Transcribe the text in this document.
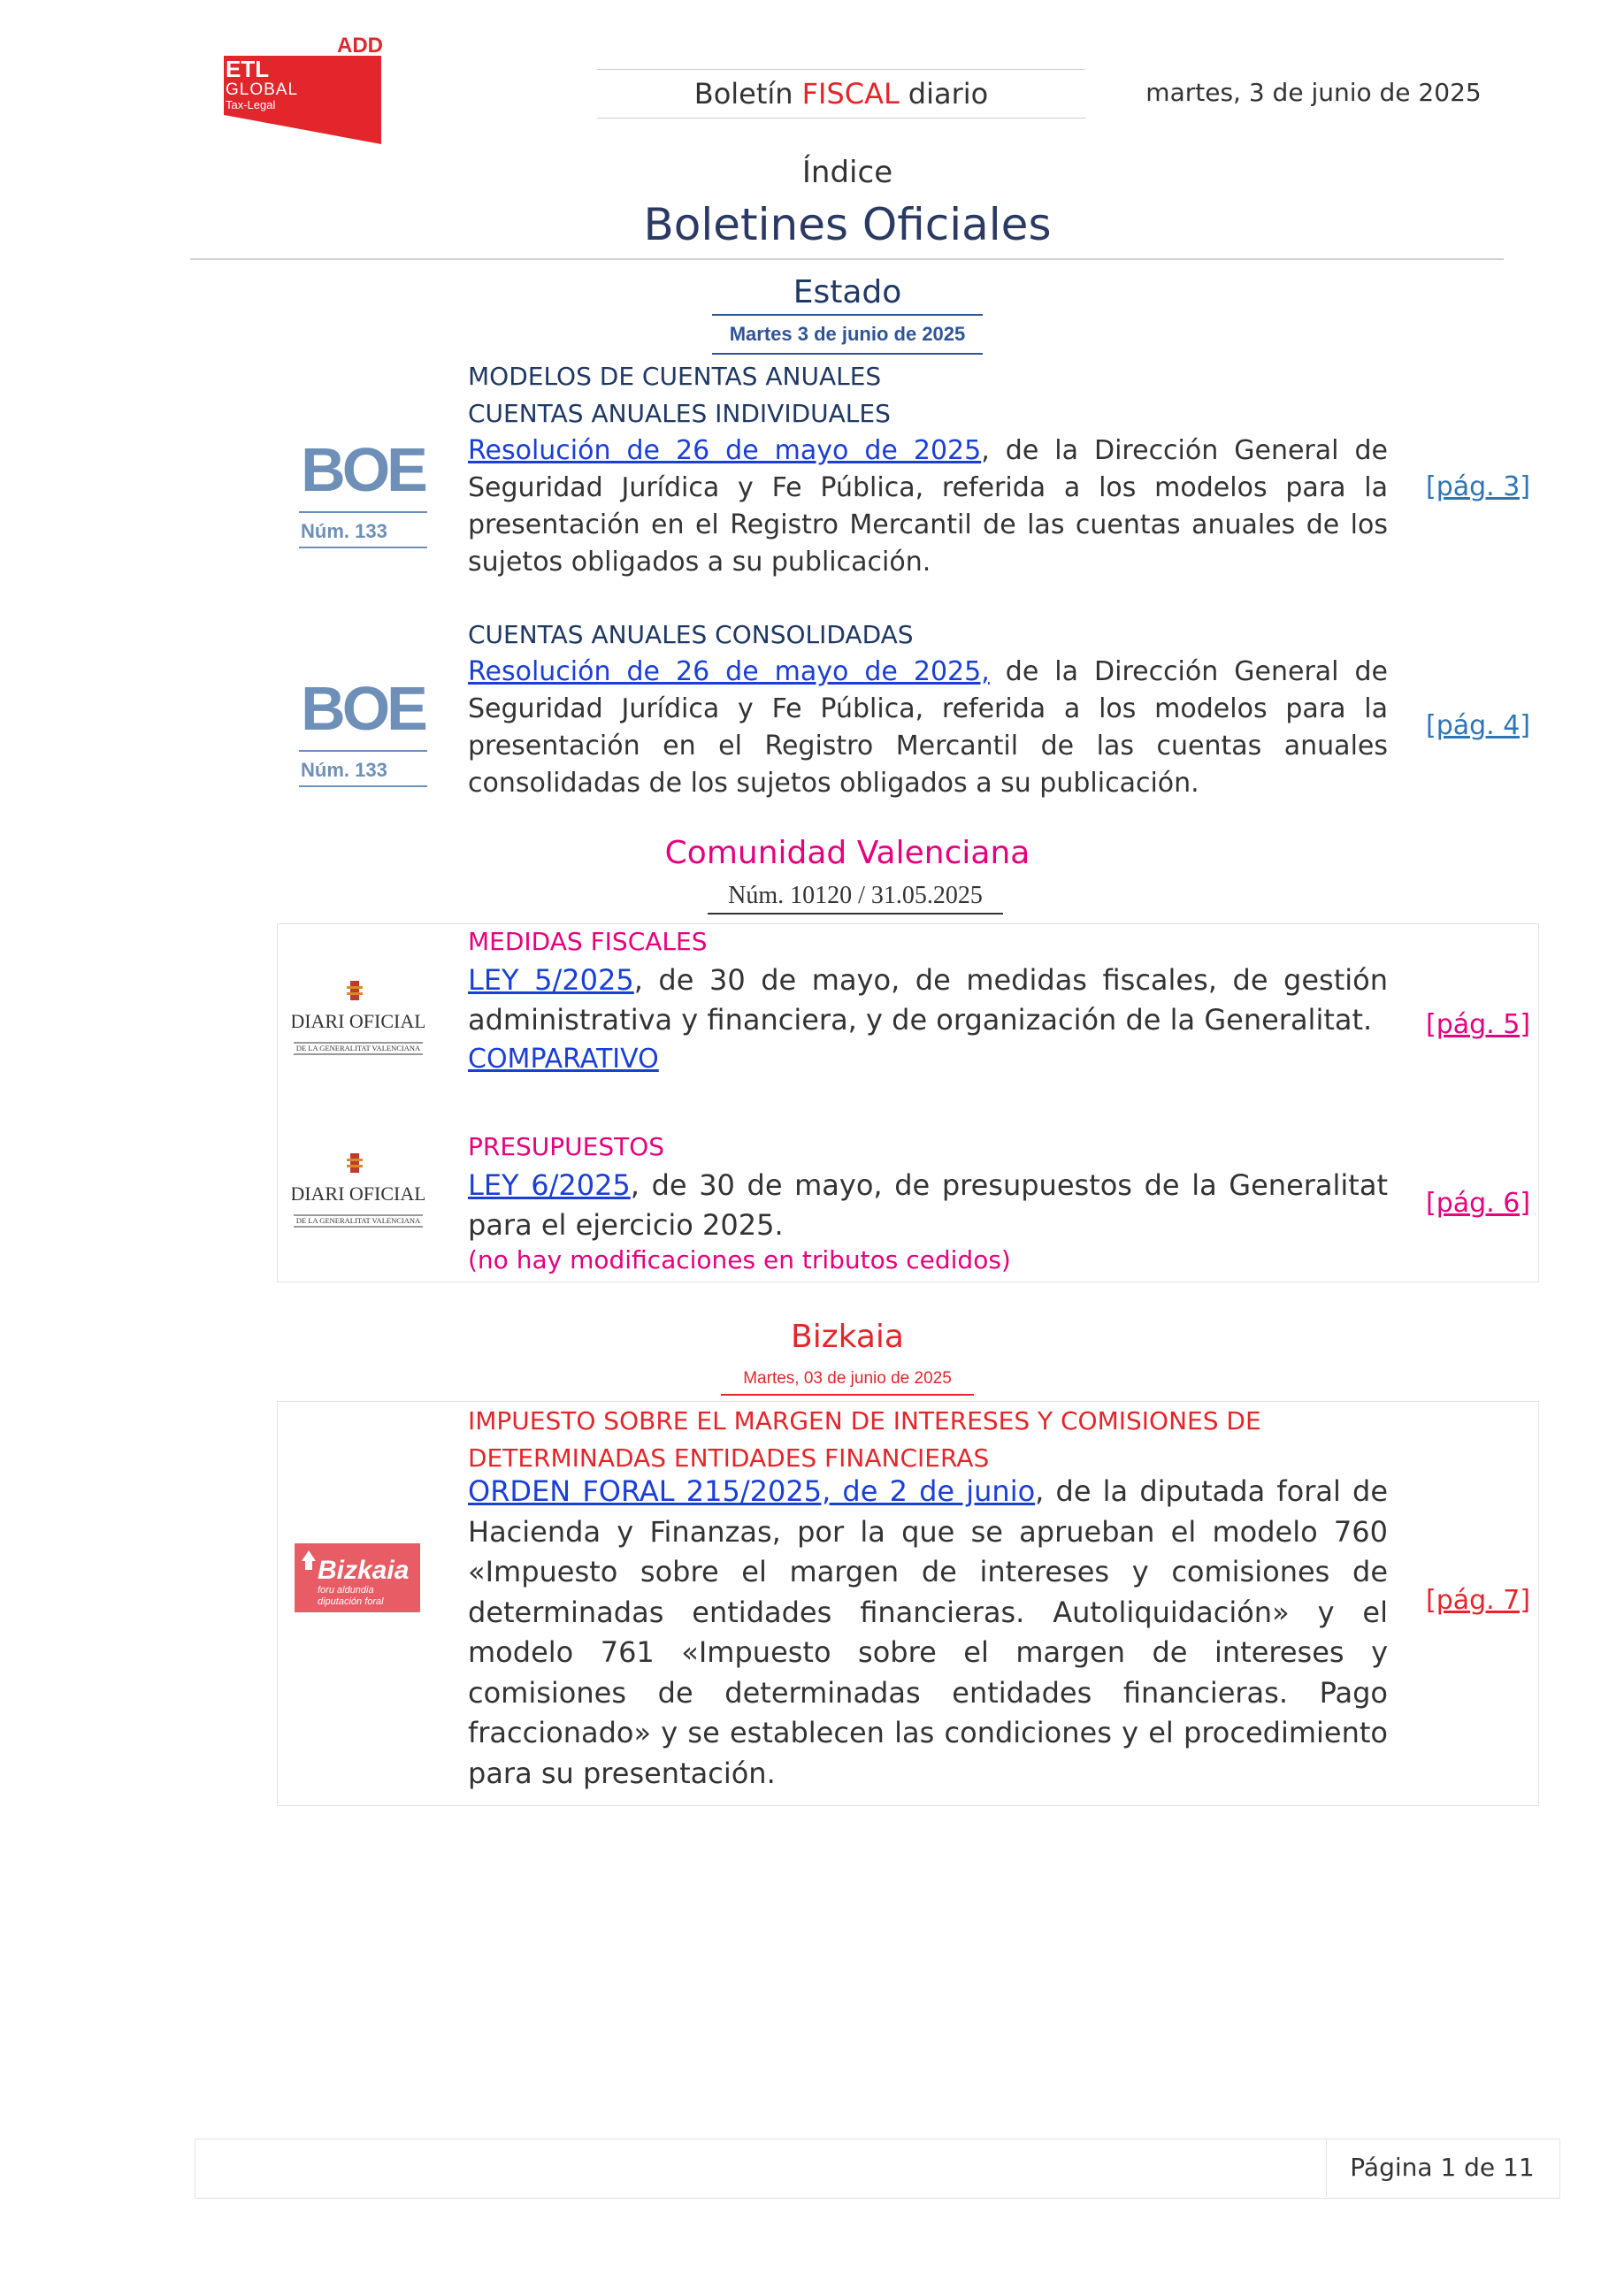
ADD
ETL
GLOBAL
Tax-Legal	Boletín FISCAL diario	martes, 3 de junio de 2025
Índice
Boletines Oficiales
Estado
Martes 3 de junio de 2025
MODELOS DE CUENTAS ANUALES
BOE
Núm. 133
CUENTAS ANUALES INDIVIDUALES
Resolución de 26 de mayo de 2025, de la Dirección General de Seguridad Jurídica y Fe Pública, referida a los modelos para la presentación en el Registro Mercantil de las cuentas anuales de los sujetos obligados a su publicación.
[pág. 3]
BOE
Núm. 133
CUENTAS ANUALES CONSOLIDADAS
Resolución de 26 de mayo de 2025, de la Dirección General de Seguridad Jurídica y Fe Pública, referida a los modelos para la presentación en el Registro Mercantil de las cuentas anuales consolidadas de los sujetos obligados a su publicación.
[pág. 4]
Comunidad Valenciana
Núm. 10120 / 31.05.2025
DIARI OFICIAL
DE LA GENERALITAT VALENCIANA
MEDIDAS FISCALES
LEY 5/2025, de 30 de mayo, de medidas fiscales, de gestión administrativa y financiera, y de organización de la Generalitat.
COMPARATIVO
[pág. 5]
DIARI OFICIAL
DE LA GENERALITAT VALENCIANA
PRESUPUESTOS
LEY 6/2025, de 30 de mayo, de presupuestos de la Generalitat para el ejercicio 2025.
(no hay modificaciones en tributos cedidos)
[pág. 6]
Bizkaia
Martes, 03 de junio de 2025
Bizkaia
foru aldundia
diputación foral
IMPUESTO SOBRE EL MARGEN DE INTERESES Y COMISIONES DE DETERMINADAS ENTIDADES FINANCIERAS
ORDEN FORAL 215/2025, de 2 de junio, de la diputada foral de Hacienda y Finanzas, por la que se aprueban el modelo 760 «Impuesto sobre el margen de intereses y comisiones de determinadas entidades financieras. Autoliquidación» y el modelo 761 «Impuesto sobre el margen de intereses y comisiones de determinadas entidades financieras. Pago fraccionado» y se establecen las condiciones y el procedimiento para su presentación.
[pág. 7]
Página 1 de 11
